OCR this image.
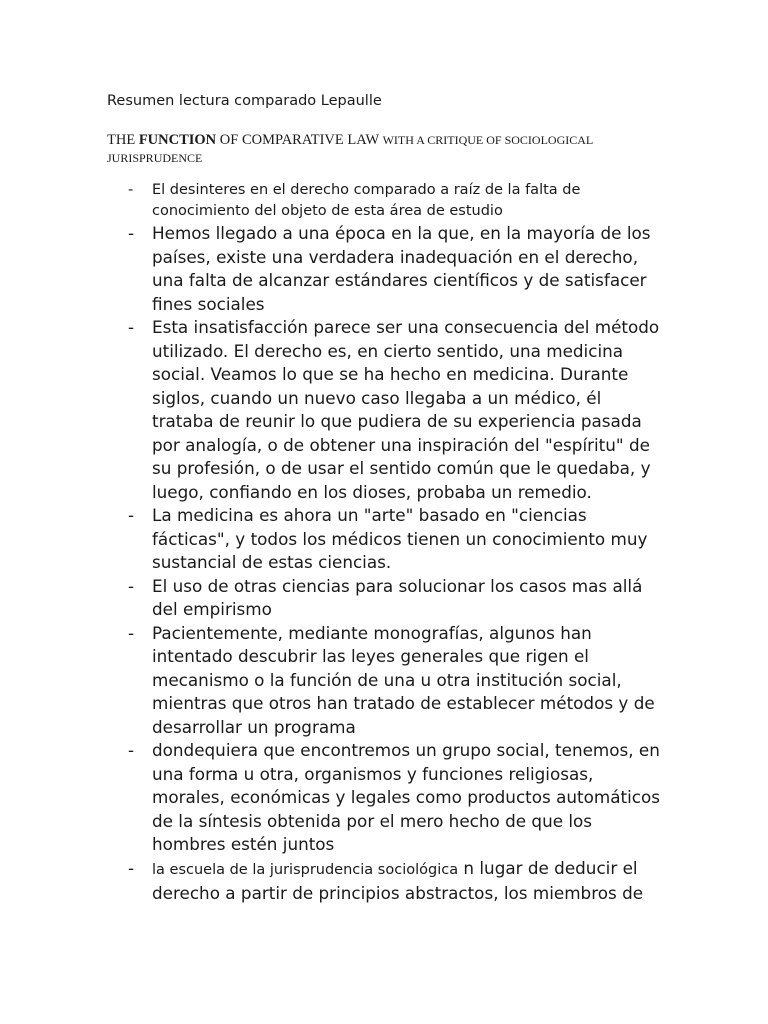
Resumen lectura comparado Lepaulle

THE FUNCTION OF COMPARATIVE LAW WITH A CRITIQUE OF SOCIOLOGICAL JURISPRUDENCE

- El desinteres en el derecho comparado a raíz de la falta de conocimiento del objeto de esta área de estudio

- Hemos llegado a una época en la que, en la mayoría de los países, existe una verdadera inadequación en el derecho, una falta de alcanzar estándares científicos y de satisfacer fines sociales

- Esta insatisfacción parece ser una consecuencia del método utilizado. El derecho es, en cierto sentido, una medicina social. Veamos lo que se ha hecho en medicina. Durante siglos, cuando un nuevo caso llegaba a un médico, él trataba de reunir lo que pudiera de su experiencia pasada por analogía, o de obtener una inspiración del "espíritu" de su profesión, o de usar el sentido común que le quedaba, y luego, confiando en los dioses, probaba un remedio.

- La medicina es ahora un "arte" basado en "ciencias fácticas", y todos los médicos tienen un conocimiento muy sustancial de estas ciencias.

- El uso de otras ciencias para solucionar los casos mas allá del empirismo

- Pacientemente, mediante monografías, algunos han intentado descubrir las leyes generales que rigen el mecanismo o la función de una u otra institución social, mientras que otros han tratado de establecer métodos y de desarrollar un programa

- dondequiera que encontremos un grupo social, tenemos, en una forma u otra, organismos y funciones religiosas, morales, económicas y legales como productos automáticos de la síntesis obtenida por el mero hecho de que los hombres estén juntos

- la escuela de la jurisprudencia sociológica n lugar de deducir el derecho a partir de principios abstractos, los miembros de
